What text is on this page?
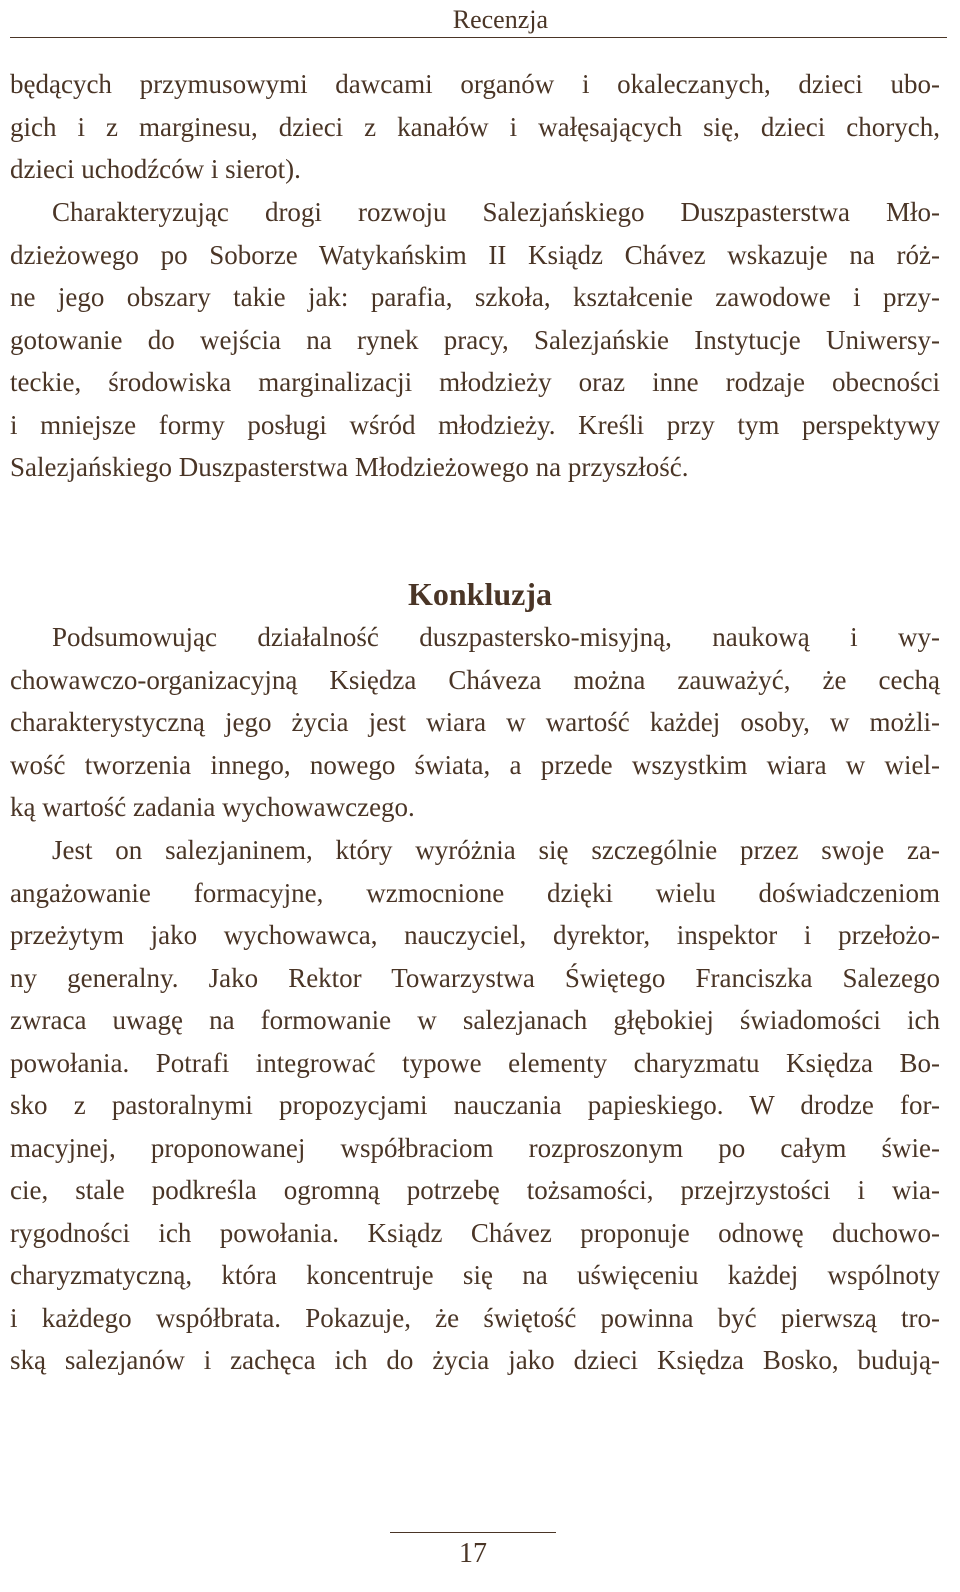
Recenzja
będących przymusowymi dawcami organów i okaleczanych, dzieci ubo-
gich i z marginesu, dzieci z kanałów i wałęsających się, dzieci chorych,
dzieci uchodźców i sierot).
Charakteryzując drogi rozwoju Salezjańskiego Duszpasterstwa Mło-
dzieżowego po Soborze Watykańskim II Ksiądz Chávez wskazuje na róż-
ne jego obszary takie jak: parafia, szkoła, kształcenie zawodowe i przy-
gotowanie do wejścia na rynek pracy, Salezjańskie Instytucje Uniwersy-
teckie, środowiska marginalizacji młodzieży oraz inne rodzaje obecności
i mniejsze formy posługi wśród młodzieży. Kreśli przy tym perspektywy
Salezjańskiego Duszpasterstwa Młodzieżowego na przyszłość.
Konkluzja
Podsumowując działalność duszpastersko-misyjną, naukową i wy-
chowawczo-organizacyjną Księdza Cháveza można zauważyć, że cechą
charakterystyczną jego życia jest wiara w wartość każdej osoby, w możli-
wość tworzenia innego, nowego świata, a przede wszystkim wiara w wiel-
ką wartość zadania wychowawczego.
Jest on salezjaninem, który wyróżnia się szczególnie przez swoje za-
angażowanie formacyjne, wzmocnione dzięki wielu doświadczeniom
przeżytym jako wychowawca, nauczyciel, dyrektor, inspektor i przełożo-
ny generalny. Jako Rektor Towarzystwa Świętego Franciszka Salezego
zwraca uwagę na formowanie w salezjanach głębokiej świadomości ich
powołania. Potrafi integrować typowe elementy charyzmatu Księdza Bo-
sko z pastoralnymi propozycjami nauczania papieskiego. W drodze for-
macyjnej, proponowanej współbraciom rozproszonym po całym świe-
cie, stale podkreśla ogromną potrzebę tożsamości, przejrzystości i wia-
rygodności ich powołania. Ksiądz Chávez proponuje odnowę duchowo-
charyzmatyczną, która koncentruje się na uświęceniu każdej wspólnoty
i każdego współbrata. Pokazuje, że świętość powinna być pierwszą tro-
ską salezjanów i zachęca ich do życia jako dzieci Księdza Bosko, budują-
17
